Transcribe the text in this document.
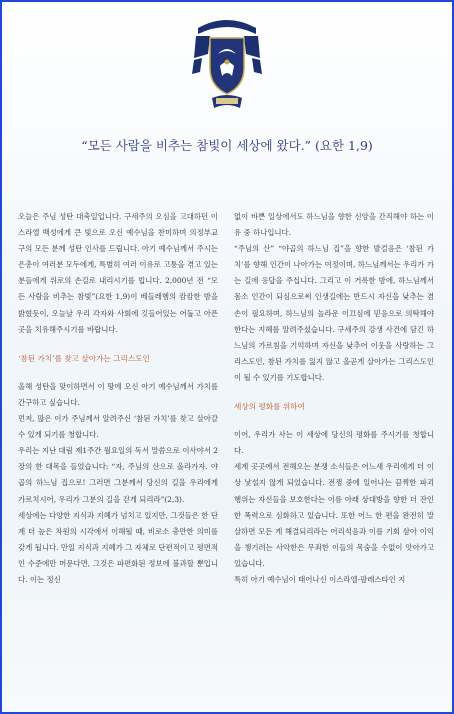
“모든 사람을 비추는 참빛이 세상에 왔다.” (요한 1,9)

오늘은 주님 성탄 대축일입니다. 구세주의 오심을 고대하던 이스라엘 백성에게 큰 빛으로 오신 예수님을 찬미하며 의정부교구의 모든 분께 성탄 인사를 드립니다. 아기 예수님께서 주시는 은총이 여러분 모두에게, 특별히 여러 이유로 고통을 겪고 있는 분들에게 위로의 손길로 내리시기를 빕니다. 2,000년 전 “모든 사람을 비추는 참빛”(요한 1,9)이 베들레헴의 캄캄한 밤을 밝혔듯이, 오늘날 우리 각자와 사회에 깃들어있는 어둡고 아픈 곳을 치유해주시기를 바랍니다.

‘참된 가치’를 찾고 살아가는 그리스도인

올해 성탄을 맞이하면서 이 땅에 오신 아기 예수님께서 가치를 간구하고 싶습니다.

먼저, 많은 이가 주님께서 알려주신 ‘참된 가치’를 찾고 살아갈 수 있게 되기를 청합니다.

우리는 지난 대림 제1주간 월요일의 독서 말씀으로 이사야서 2장의 한 대목을 들었습니다: “자, 주님의 산으로 올라가자. 야곱의 하느님 집으로! 그러면 그분께서 당신의 길을 우리에게 가르치시어, 우리가 그분의 길을 걷게 되리라”(2,3).

세상에는 다양한 지식과 지혜가 넘치고 있지만, 그것들은 한 단계 더 높은 차원의 시각에서 이해될 때, 비로소 충만한 의미를 갖게 됩니다. 만일 지식과 지혜가 그 자체로 단편적이고 평면적인 수준에만 머문다면, 그것은 파편화된 정보에 불과할 뿐입니다. 이는 정신

없이 바쁜 일상에서도 하느님을 향한 신앙을 간직해야 하는 이유 중 하나입니다.

“주님의 산” “야곱의 하느님 집”을 향한 발걸음은 ‘참된 가치’를 향해 인간이 나아가는 여정이며, 하느님께서는 우리가 가는 길에 응답을 주십니다. 그리고 이 거룩한 밤에, 하느님께서 몸소 인간이 되심으로써 인생길에는 반드시 자신을 낮추는 겸손이 필요하며, 하느님의 놀라운 이끄심에 믿음으로 의탁해야 한다는 지혜를 알려주셨습니다. 구세주의 강생 사건에 담긴 하느님의 가르침을 기억하며 자신을 낮추어 이웃을 사랑하는 그리스도인, 참된 가치를 잃지 않고 올곧게 살아가는 그리스도인이 될 수 있기를 기도합니다.

세상의 평화를 위하여

이어, 우리가 사는 이 세상에 당신의 평화를 주시기를 청합니다.

세계 곳곳에서 전해오는 분쟁 소식들은 어느새 우리에게 더 이상 낯설지 않게 되었습니다. 전쟁 중에 일어나는 끔찍한 파괴 행위는 자신들을 보호한다는 이름 아래 상대방을 향한 더 잔인한 폭력으로 심화하고 있습니다. 또한 어느 한 편을 완전히 말살하면 모든 게 해결되리라는 어리석음과 이를 기회 삼아 이익을 챙기려는 사악한은 무죄한 이들의 목숨을 수없이 앗아가고 있습니다.

특히 아기 예수님이 태어나신 이스라엘-팔레스타인 지
